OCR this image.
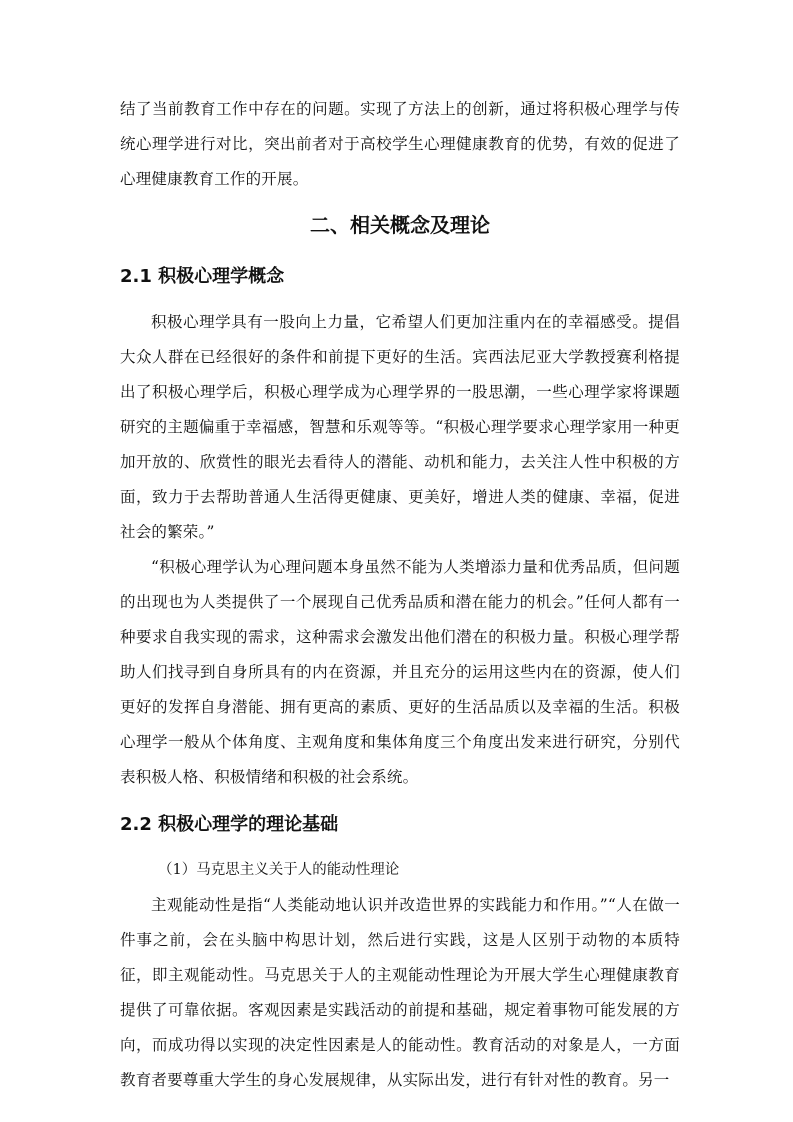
结了当前教育工作中存在的问题。实现了方法上的创新，通过将积极心理学与传统心理学进行对比，突出前者对于高校学生心理健康教育的优势，有效的促进了心理健康教育工作的开展。

二、相关概念及理论
2.1 积极心理学概念

积极心理学具有一股向上力量，它希望人们更加注重内在的幸福感受。提倡大众人群在已经很好的条件和前提下更好的生活。宾西法尼亚大学教授赛利格提出了积极心理学后，积极心理学成为心理学界的一股思潮，一些心理学家将课题研究的主题偏重于幸福感，智慧和乐观等等。“积极心理学要求心理学家用一种更加开放的、欣赏性的眼光去看待人的潜能、动机和能力，去关注人性中积极的方面，致力于去帮助普通人生活得更健康、更美好，增进人类的健康、幸福，促进社会的繁荣。”

“积极心理学认为心理问题本身虽然不能为人类增添力量和优秀品质，但问题的出现也为人类提供了一个展现自己优秀品质和潜在能力的机会。”任何人都有一种要求自我实现的需求，这种需求会激发出他们潜在的积极力量。积极心理学帮助人们找寻到自身所具有的内在资源，并且充分的运用这些内在的资源，使人们更好的发挥自身潜能、拥有更高的素质、更好的生活品质以及幸福的生活。积极心理学一般从个体角度、主观角度和集体角度三个角度出发来进行研究，分别代表积极人格、积极情绪和积极的社会系统。

2.2 积极心理学的理论基础

（1）马克思主义关于人的能动性理论

主观能动性是指“人类能动地认识并改造世界的实践能力和作用。”“人在做一件事之前，会在头脑中构思计划，然后进行实践，这是人区别于动物的本质特征，即主观能动性。马克思关于人的主观能动性理论为开展大学生心理健康教育提供了可靠依据。客观因素是实践活动的前提和基础，规定着事物可能发展的方向，而成功得以实现的决定性因素是人的能动性。教育活动的对象是人，一方面教育者要尊重大学生的身心发展规律，从实际出发，进行有针对性的教育。另一
